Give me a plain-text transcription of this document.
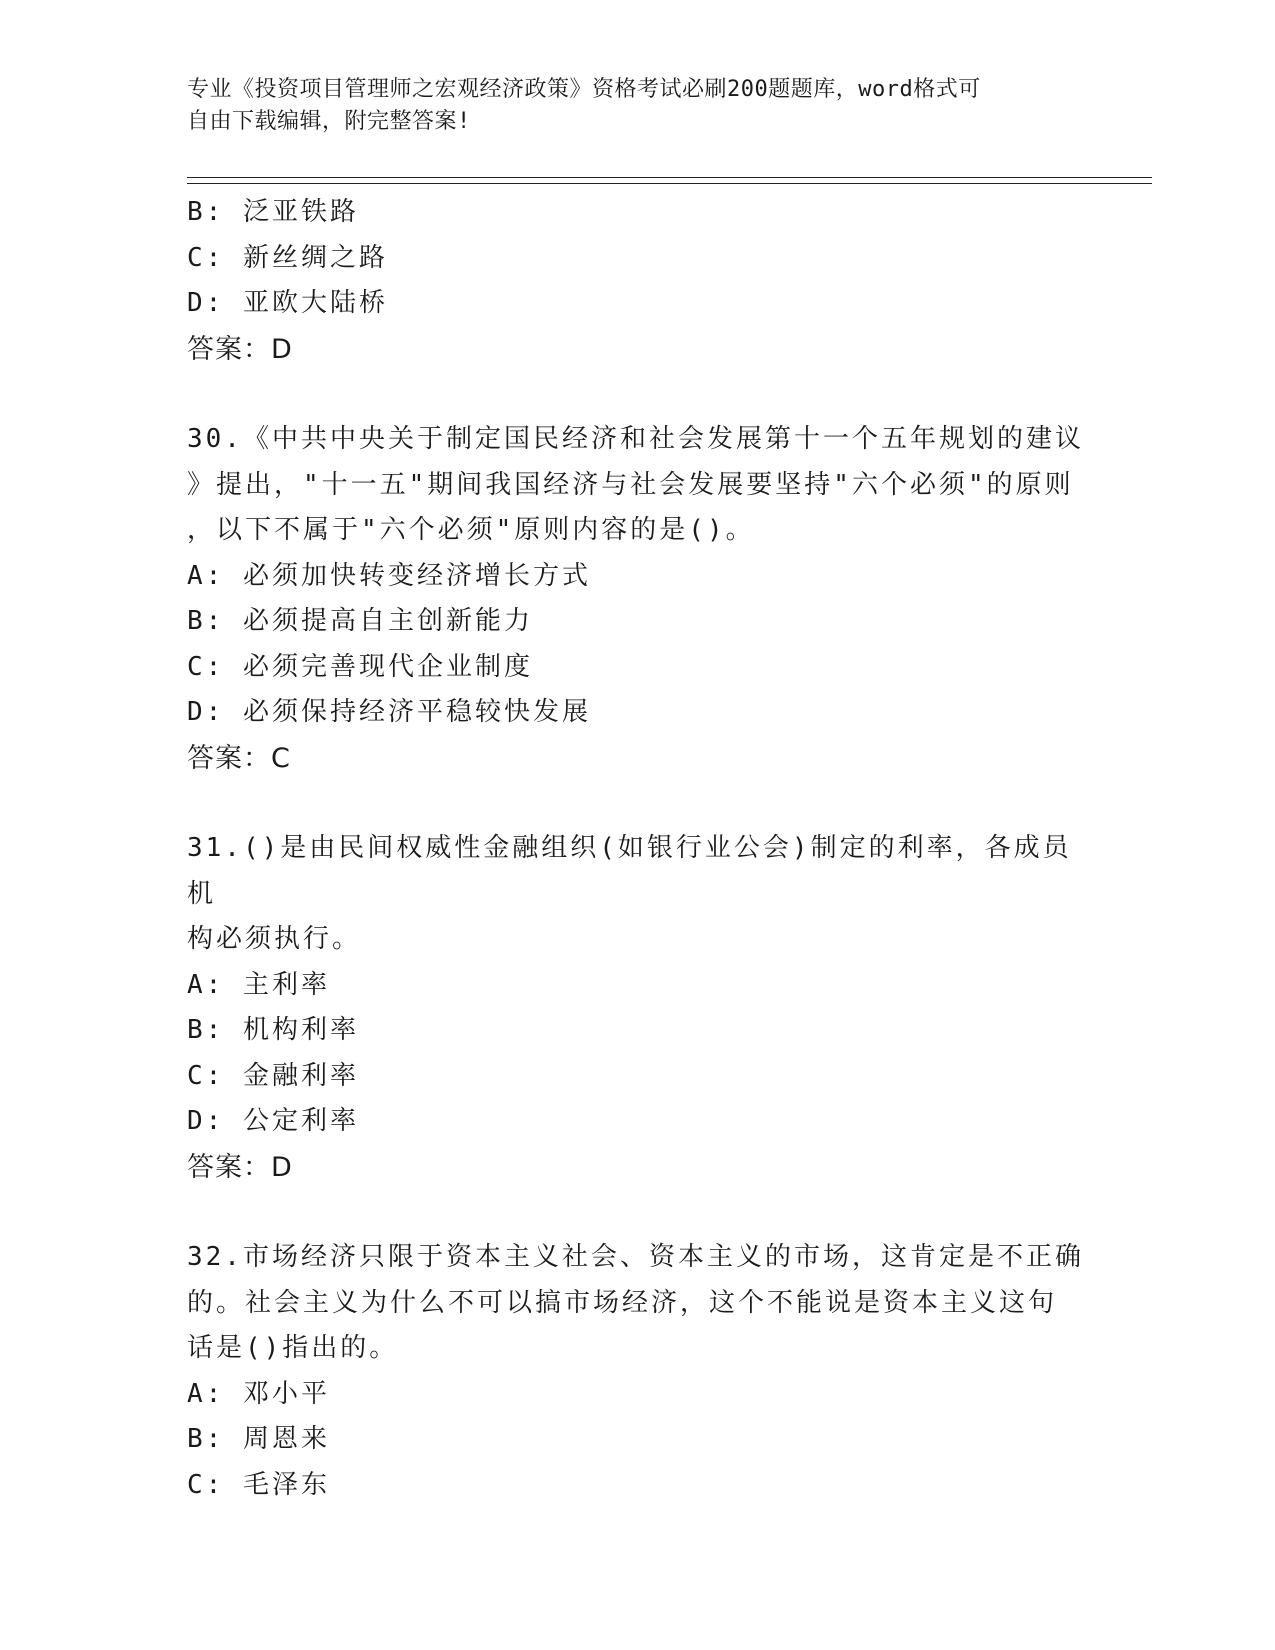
专业《投资项目管理师之宏观经济政策》资格考试必刷200题题库，word格式可
自由下载编辑，附完整答案!
B: 泛亚铁路
C: 新丝绸之路
D: 亚欧大陆桥
答案：D
30.《中共中央关于制定国民经济和社会发展第十一个五年规划的建议
》提出，"十一五"期间我国经济与社会发展要坚持"六个必须"的原则
，以下不属于"六个必须"原则内容的是()。
A: 必须加快转变经济增长方式
B: 必须提高自主创新能力
C: 必须完善现代企业制度
D: 必须保持经济平稳较快发展
答案：C
31.()是由民间权威性金融组织(如银行业公会)制定的利率，各成员机
构必须执行。
A: 主利率
B: 机构利率
C: 金融利率
D: 公定利率
答案：D
32.市场经济只限于资本主义社会、资本主义的市场，这肯定是不正确
的。社会主义为什么不可以搞市场经济，这个不能说是资本主义这句
话是()指出的。
A: 邓小平
B: 周恩来
C: 毛泽东
